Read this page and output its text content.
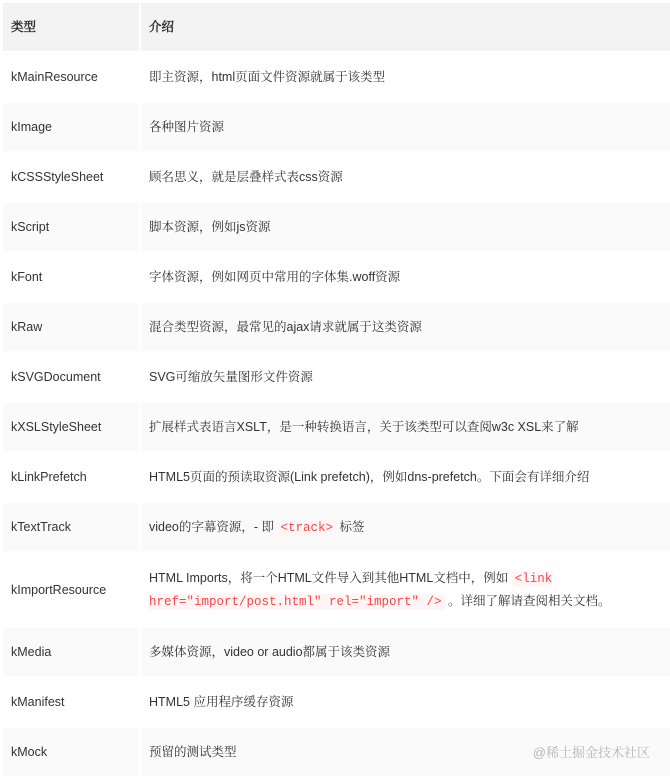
类型	介绍
kMainResource	即主资源，html页面文件资源就属于该类型
kImage	各种图片资源
kCSSStyleSheet	顾名思义，就是层叠样式表css资源
kScript	脚本资源，例如js资源
kFont	字体资源，例如网页中常用的字体集.woff资源
kRaw	混合类型资源，最常见的ajax请求就属于这类资源
kSVGDocument	SVG可缩放矢量图形文件资源
kXSLStyleSheet	扩展样式表语言XSLT，是一种转换语言，关于该类型可以查阅w3c XSL来了解
kLinkPrefetch	HTML5页面的预读取资源(Link prefetch)，例如dns-prefetch。下面会有详细介绍
kTextTrack	video的字幕资源，- 即 <track> 标签
kImportResource	HTML Imports，将一个HTML文件导入到其他HTML文档中，例如 <link href="import/post.html" rel="import" /> 。详细了解请查阅相关文档。
kMedia	多媒体资源，video or audio都属于该类资源
kManifest	HTML5 应用程序缓存资源
kMock	预留的测试类型	@稀土掘金技术社区
